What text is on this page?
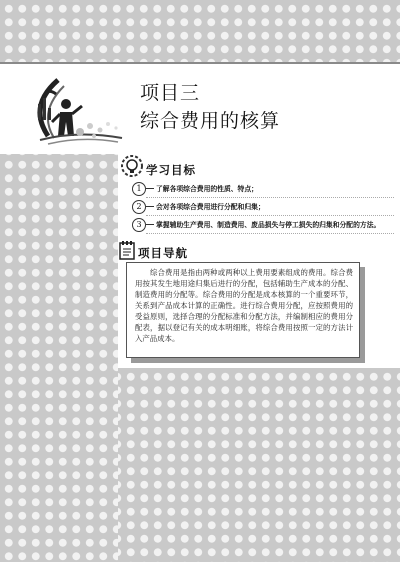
项目三
综合费用的核算
学习目标
1	了解各项综合费用的性质、特点；
2	会对各项综合费用进行分配和归集；
3	掌握辅助生产费用、制造费用、废品损失与停工损失的归集和分配的方法。
项目导航
综合费用是指由两种或两种以上费用要素组成的费用。综合费用按其发生地用途归集后进行的分配，包括辅助生产成本的分配、制造费用的分配等。综合费用的分配是成本核算的一个重要环节，关系到产品成本计算的正确性。进行综合费用分配，应按照费用的受益原则，选择合理的分配标准和分配方法，并编制相应的费用分配表，据以登记有关的成本明细账，将综合费用按照一定的方法计入产品成本。
